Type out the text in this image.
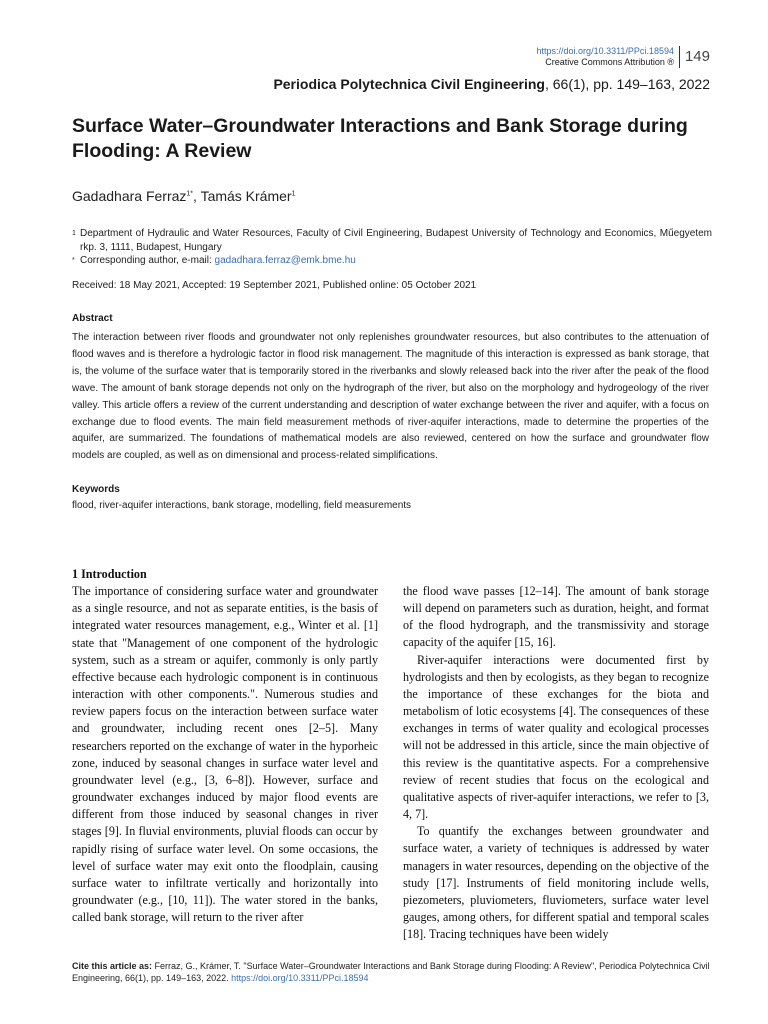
https://doi.org/10.3311/PPci.18594
Creative Commons Attribution ® 149
Periodica Polytechnica Civil Engineering, 66(1), pp. 149–163, 2022
Surface Water–Groundwater Interactions and Bank Storage during Flooding: A Review
Gadadhara Ferraz$^{1*}$, Tamás Krámer$^1$
1 Department of Hydraulic and Water Resources, Faculty of Civil Engineering, Budapest University of Technology and Economics, Műegyetem rkp. 3, 1111, Budapest, Hungary
* Corresponding author, e-mail: gadadhara.ferraz@emk.bme.hu
Received: 18 May 2021, Accepted: 19 September 2021, Published online: 05 October 2021
Abstract
The interaction between river floods and groundwater not only replenishes groundwater resources, but also contributes to the attenuation of flood waves and is therefore a hydrologic factor in flood risk management. The magnitude of this interaction is expressed as bank storage, that is, the volume of the surface water that is temporarily stored in the riverbanks and slowly released back into the river after the peak of the flood wave. The amount of bank storage depends not only on the hydrograph of the river, but also on the morphology and hydrogeology of the river valley. This article offers a review of the current understanding and description of water exchange between the river and aquifer, with a focus on exchange due to flood events. The main field measurement methods of river-aquifer interactions, made to determine the properties of the aquifer, are summarized. The foundations of mathematical models are also reviewed, centered on how the surface and groundwater flow models are coupled, as well as on dimensional and process-related simplifications.
Keywords
flood, river-aquifer interactions, bank storage, modelling, field measurements

1 Introduction

The importance of considering surface water and groundwater as a single resource, and not as separate entities, is the basis of integrated water resources management, e.g., Winter et al. [1] state that "Management of one component of the hydrologic system, such as a stream or aquifer, commonly is only partly effective because each hydrologic component is in continuous interaction with other components.". Numerous studies and review papers focus on the interaction between surface water and groundwater, including recent ones [2–5]. Many researchers reported on the exchange of water in the hyporheic zone, induced by seasonal changes in surface water level and groundwater level (e.g., [3, 6–8]). However, surface and groundwater exchanges induced by major flood events are different from those induced by seasonal changes in river stages [9]. In fluvial environments, pluvial floods can occur by rapidly rising of surface water level. On some occasions, the level of surface water may exit onto the floodplain, causing surface water to infiltrate vertically and horizontally into groundwater (e.g., [10, 11]). The water stored in the banks, called bank storage, will return to the river after

the flood wave passes [12–14]. The amount of bank storage will depend on parameters such as duration, height, and format of the flood hydrograph, and the transmissivity and storage capacity of the aquifer [15, 16].

River-aquifer interactions were documented first by hydrologists and then by ecologists, as they began to recognize the importance of these exchanges for the biota and metabolism of lotic ecosystems [4]. The consequences of these exchanges in terms of water quality and ecological processes will not be addressed in this article, since the main objective of this review is the quantitative aspects. For a comprehensive review of recent studies that focus on the ecological and qualitative aspects of river-aquifer interactions, we refer to [3, 4, 7].

To quantify the exchanges between groundwater and surface water, a variety of techniques is addressed by water managers in water resources, depending on the objective of the study [17]. Instruments of field monitoring include wells, piezometers, pluviometers, fluviometers, surface water level gauges, among others, for different spatial and temporal scales [18]. Tracing techniques have been widely

Cite this article as: Ferraz, G., Krámer, T. "Surface Water–Groundwater Interactions and Bank Storage during Flooding: A Review", Periodica Polytechnica Civil Engineering, 66(1), pp. 149–163, 2022. https://doi.org/10.3311/PPci.18594
